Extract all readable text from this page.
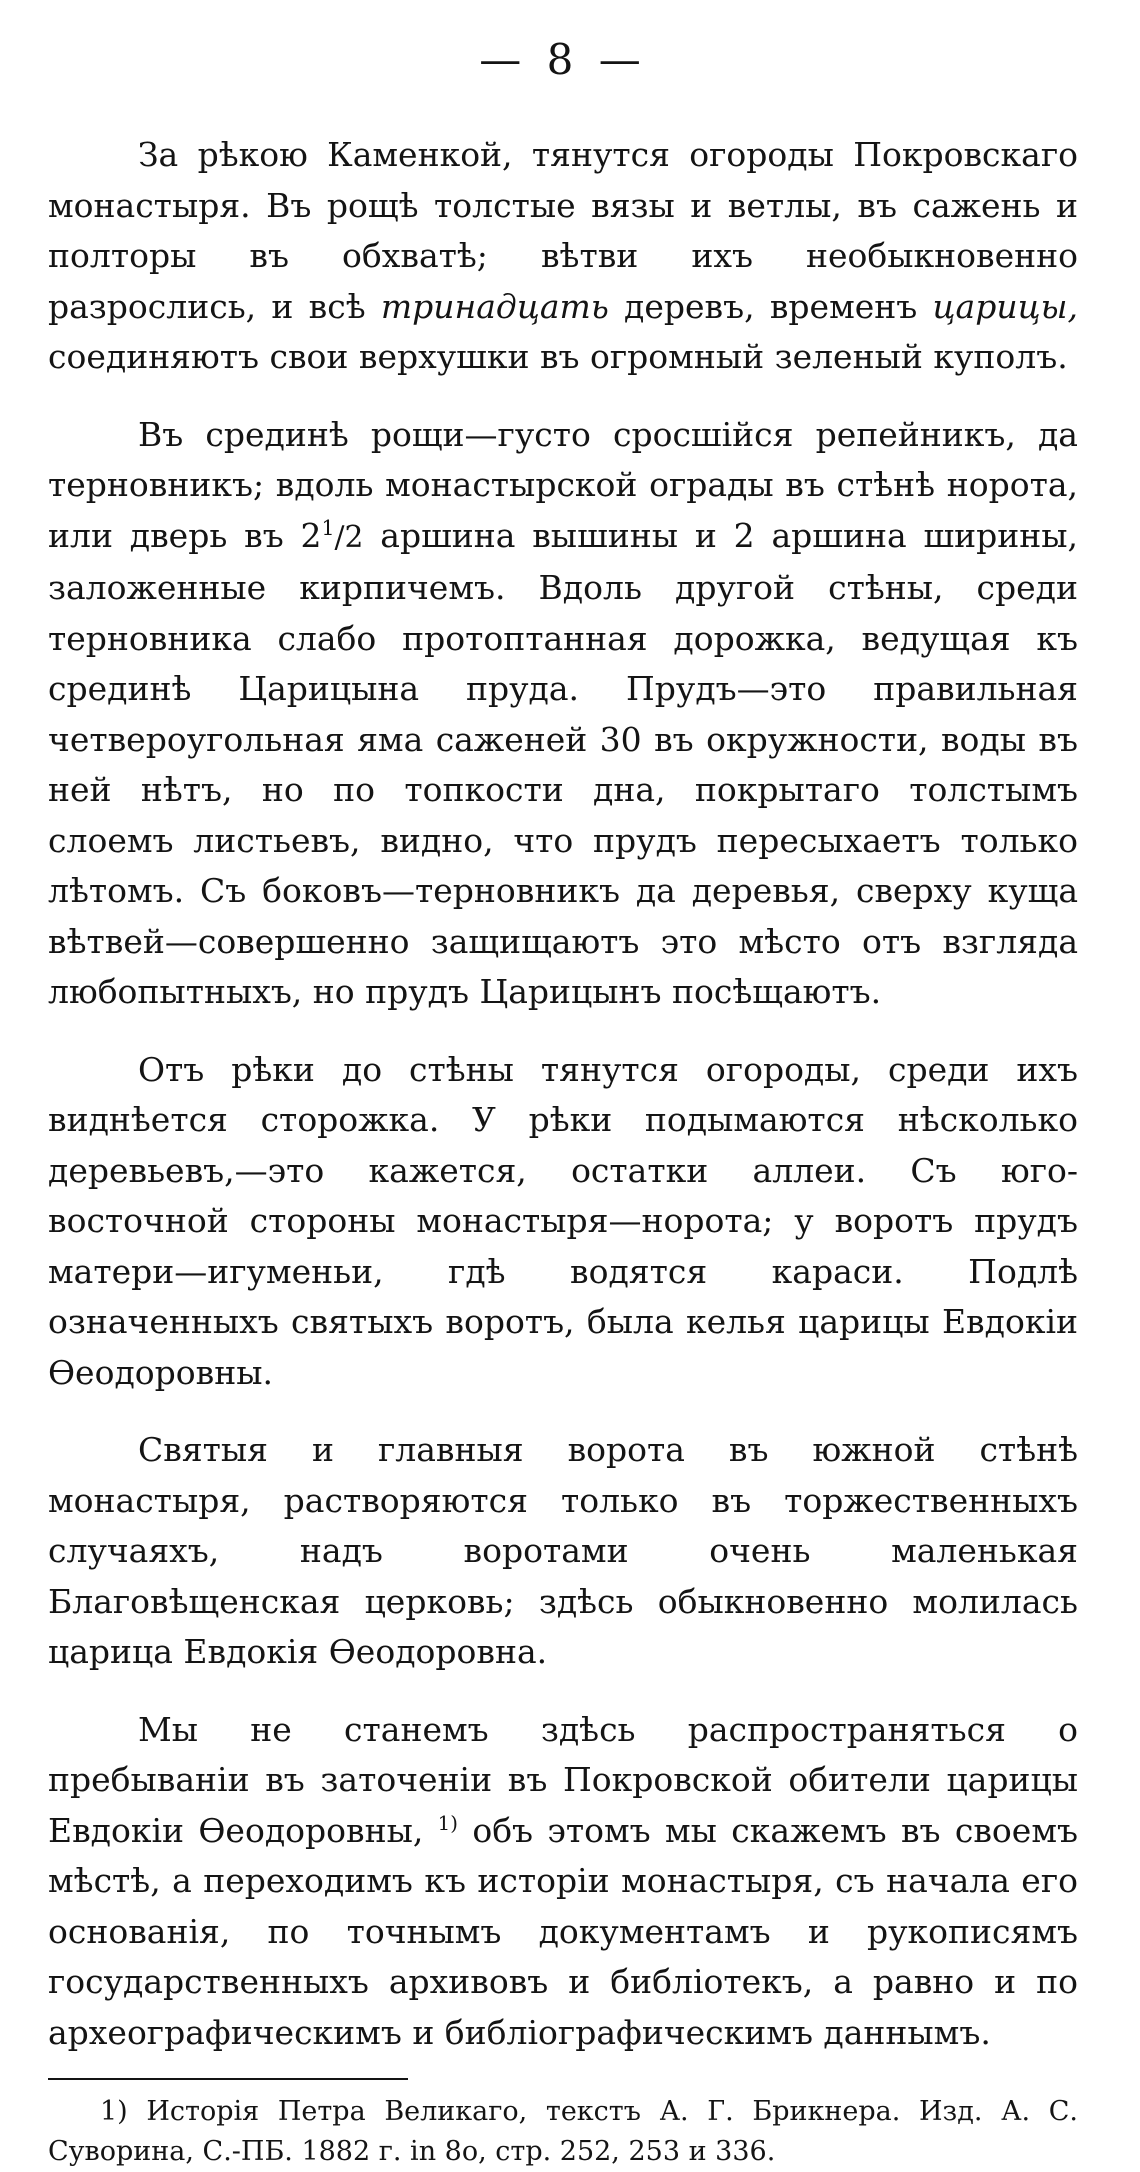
— 8 —

За рѣкою Каменкой, тянутся огороды Покровскаго монастыря. Въ рощѣ толстые вязы и ветлы, въ сажень и полторы въ обхватѣ; вѣтви ихъ необыкновенно разрослись, и всѣ тринадцать деревъ, временъ царицы, соединяютъ свои верхушки въ огромный зеленый куполъ.

Въ срединѣ рощи—густо сросшійся репейникъ, да терновникъ; вдоль монастырской ограды въ стѣнѣ норота, или дверь въ $2^1/2$ аршина вышины и 2 аршина ширины, заложенные кирпичемъ. Вдоль другой стѣны, среди терновника слабо протоптанная дорожка, ведущая къ срединѣ Царицына пруда. Прудъ—это правильная четвероугольная яма саженей 30 въ окружности, воды въ ней нѣтъ, но по топкости дна, покрытаго толстымъ слоемъ листьевъ, видно, что прудъ пересыхаетъ только лѣтомъ. Съ боковъ—терновникъ да деревья, сверху куща вѣтвей—совершенно защищаютъ это мѣсто отъ взгляда любопытныхъ, но прудъ Царицынъ посѣщаютъ.

Отъ рѣки до стѣны тянутся огороды, среди ихъ виднѣется сторожка. У рѣки подымаются нѣсколько деревьевъ,—это кажется, остатки аллеи. Съ юго-восточной стороны монастыря—норота; у воротъ прудъ матери—игуменьи, гдѣ водятся караси. Подлѣ означенныхъ святыхъ воротъ, была келья царицы Евдокіи Ѳеодоровны.

Святыя и главныя ворота въ южной стѣнѣ монастыря, растворяются только въ торжественныхъ случаяхъ, надъ воротами очень маленькая Благовѣщенская церковь; здѣсь обыкновенно молилась царица Евдокія Ѳеодоровна.

Мы не станемъ здѣсь распространяться о пребываніи въ заточеніи въ Покровской обители царицы Евдокіи Ѳеодоровны, $^{1)}$ объ этомъ мы скажемъ въ своемъ мѣстѣ, а переходимъ къ исторіи монастыря, съ начала его основанія, по точнымъ документамъ и рукописямъ государственныхъ архивовъ и библіотекъ, а равно и по археографическимъ и библіографическимъ даннымъ.

1) Исторія Петра Великаго, текстъ А. Г. Брикнера. Изд. А. С. Суворина, С.-ПБ. 1882 г. in 8о, стр. 252, 253 и 336.
